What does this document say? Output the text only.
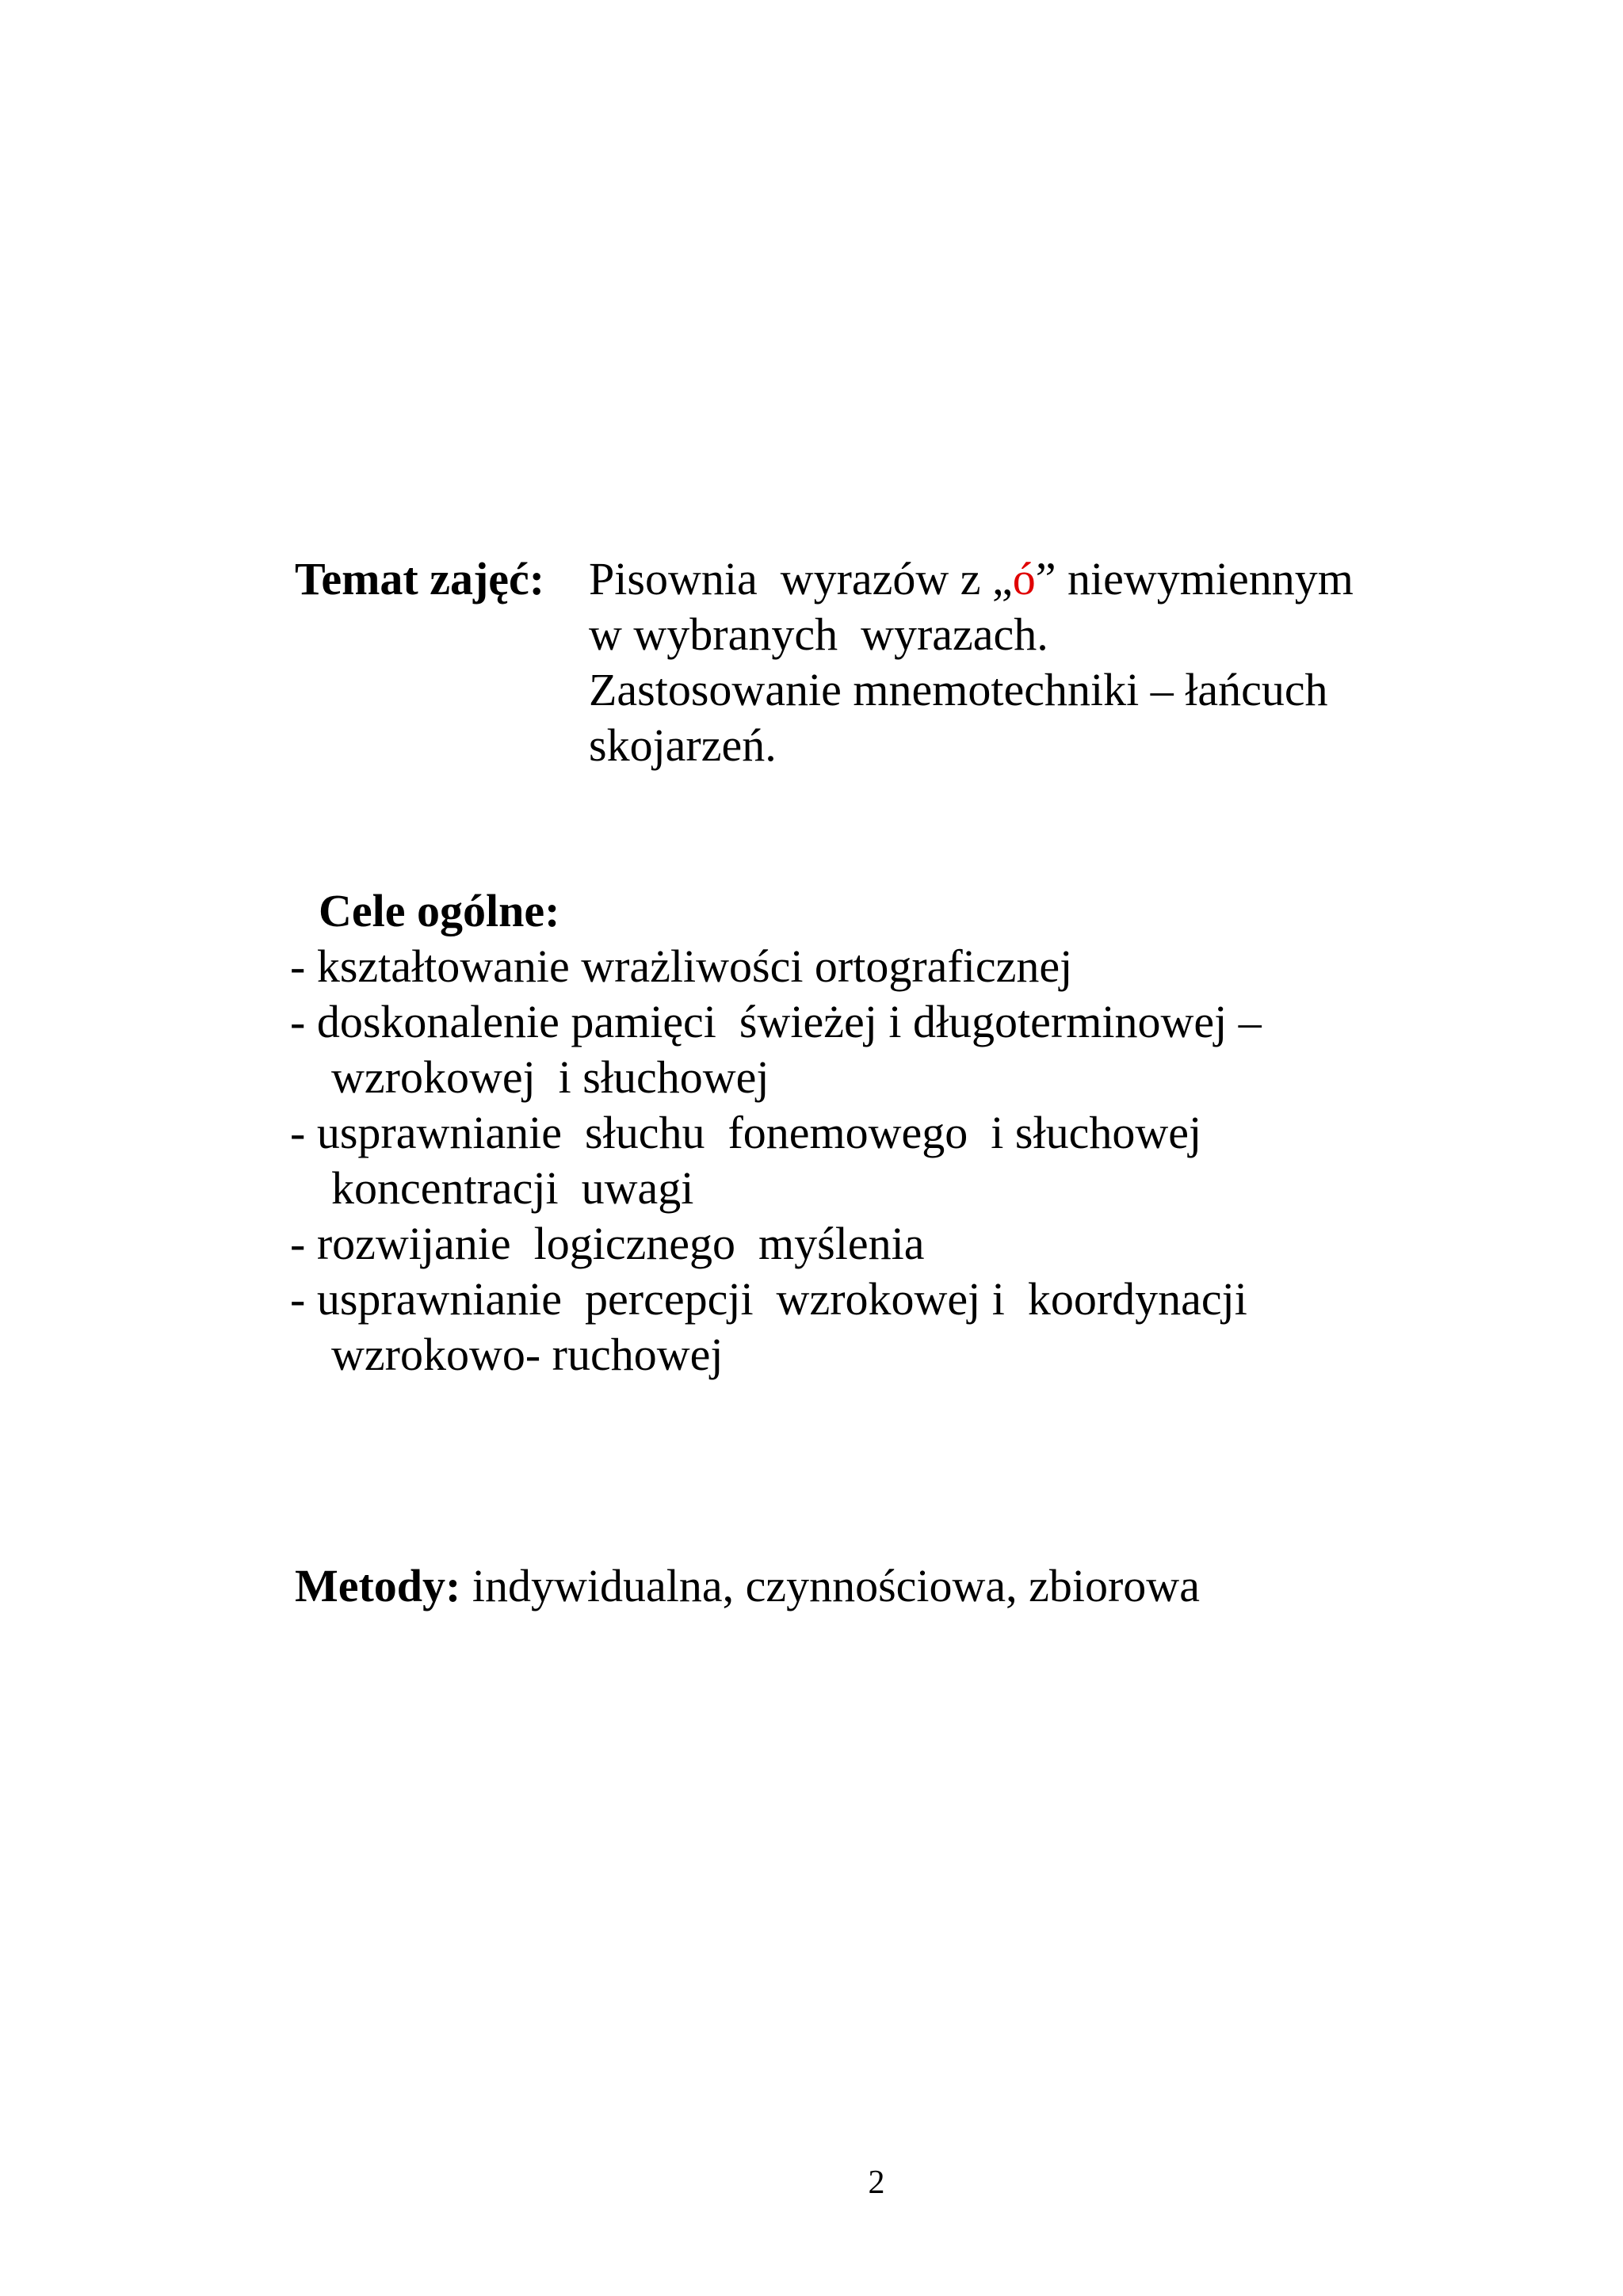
Temat zajęć: Pisownia  wyrazów z „ó” niewymiennym
w wybranych  wyrazach.
Zastosowanie mnemotechniki – łańcuch
skojarzeń.
Cele ogólne:
- kształtowanie wrażliwości ortograficznej
- doskonalenie pamięci  świeżej i długoterminowej –
wzrokowej  i słuchowej
- usprawnianie  słuchu  fonemowego  i słuchowej
koncentracji  uwagi
- rozwijanie  logicznego  myślenia
- usprawnianie  percepcji  wzrokowej i  koordynacji
wzrokowo- ruchowej
Metody: indywidualna, czynnościowa, zbiorowa
2
